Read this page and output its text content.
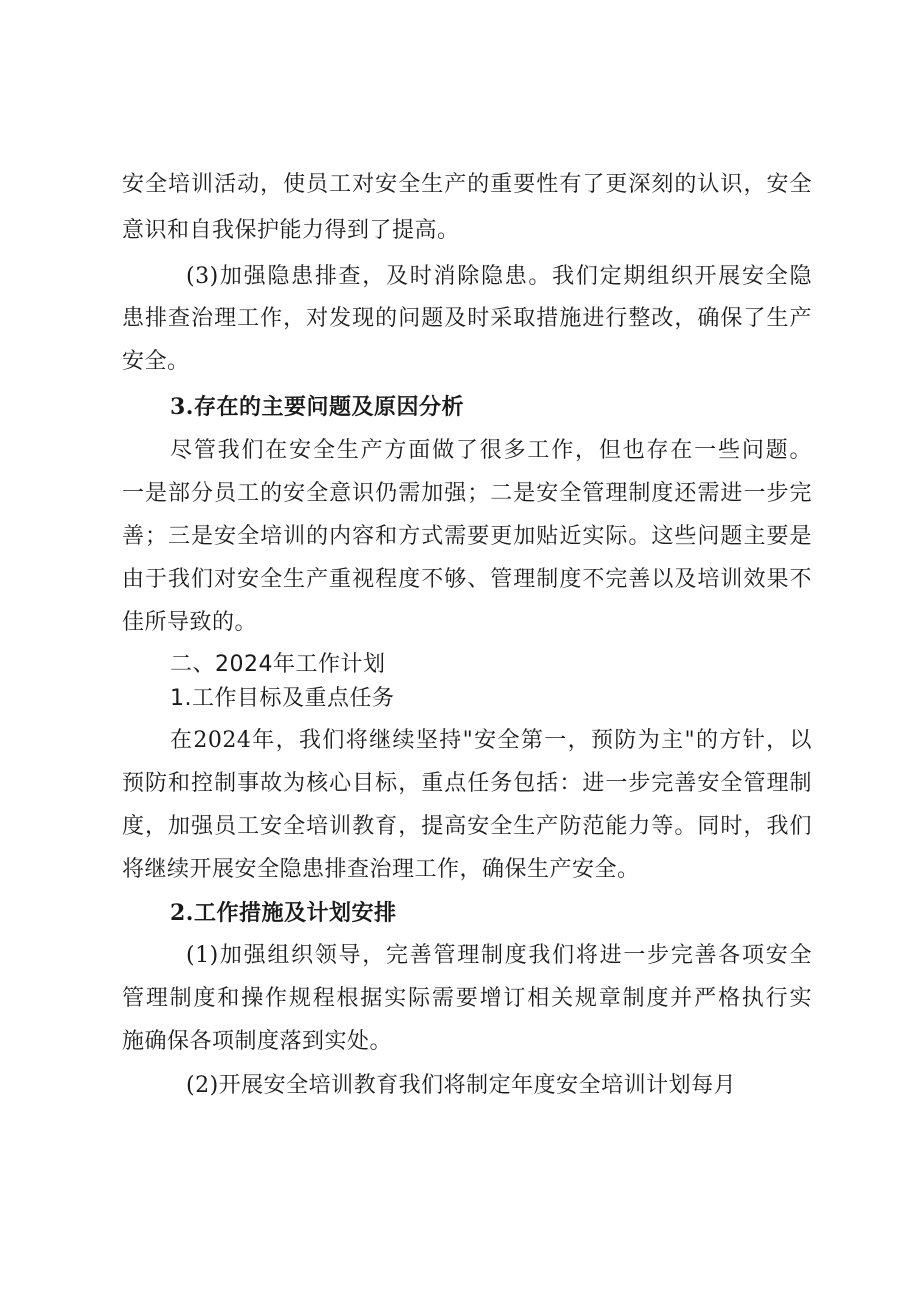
安全培训活动，使员工对安全生产的重要性有了更深刻的认识，安全
意识和自我保护能力得到了提高。
(3)加强隐患排查，及时消除隐患。我们定期组织开展安全隐
患排查治理工作，对发现的问题及时采取措施进行整改，确保了生产
安全。
3.存在的主要问题及原因分析
尽管我们在安全生产方面做了很多工作，但也存在一些问题。
一是部分员工的安全意识仍需加强；二是安全管理制度还需进一步完
善；三是安全培训的内容和方式需要更加贴近实际。这些问题主要是
由于我们对安全生产重视程度不够、管理制度不完善以及培训效果不
佳所导致的。
二、2024年工作计划
1.工作目标及重点任务
在2024年，我们将继续坚持"安全第一，预防为主"的方针，以
预防和控制事故为核心目标，重点任务包括：进一步完善安全管理制
度，加强员工安全培训教育，提高安全生产防范能力等。同时，我们
将继续开展安全隐患排查治理工作，确保生产安全。
2.工作措施及计划安排
(1)加强组织领导，完善管理制度我们将进一步完善各项安全
管理制度和操作规程根据实际需要增订相关规章制度并严格执行实
施确保各项制度落到实处。
(2)开展安全培训教育我们将制定年度安全培训计划每月
